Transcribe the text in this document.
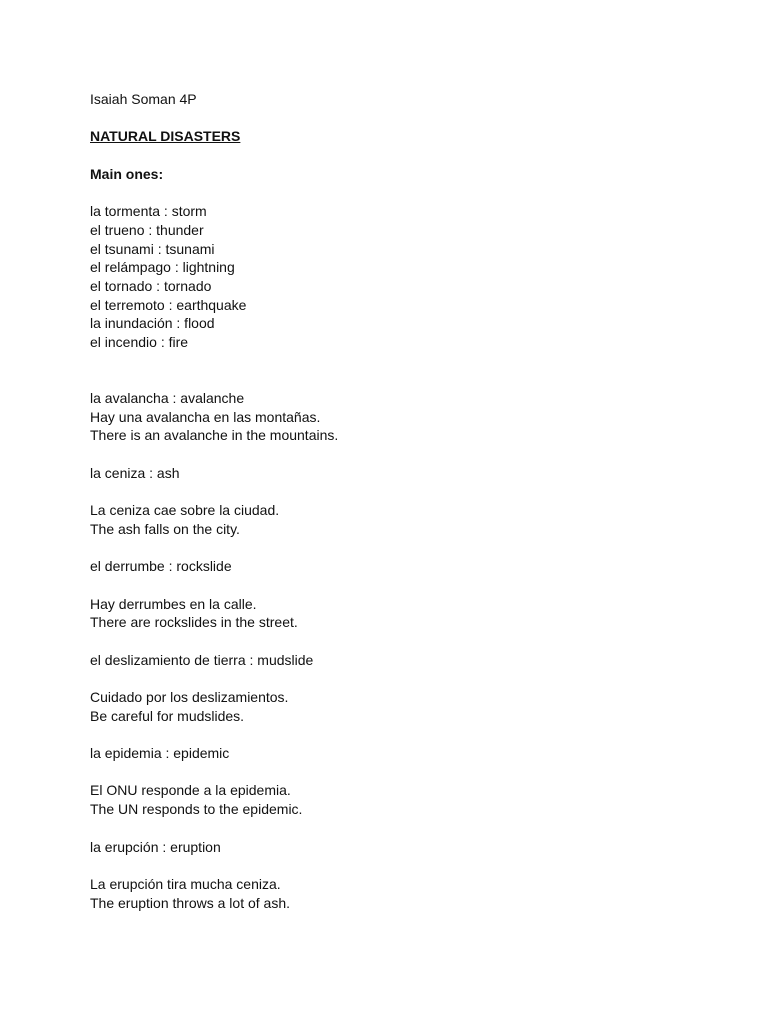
Isaiah Soman 4P
NATURAL DISASTERS
Main ones:
la tormenta : storm
el trueno : thunder
el tsunami : tsunami
el relámpago : lightning
el tornado : tornado
el terremoto : earthquake
la inundación : flood
el incendio : fire
la avalancha : avalanche
Hay una avalancha en las montañas.
There is an avalanche in the mountains.
la ceniza : ash
La ceniza cae sobre la ciudad.
The ash falls on the city.
el derrumbe : rockslide
Hay derrumbes en la calle.
There are rockslides in the street.
el deslizamiento de tierra : mudslide
Cuidado por los deslizamientos.
Be careful for mudslides.
la epidemia : epidemic
El ONU responde a la epidemia.
The UN responds to the epidemic.
la erupción : eruption
La erupción tira mucha ceniza.
The eruption throws a lot of ash.
